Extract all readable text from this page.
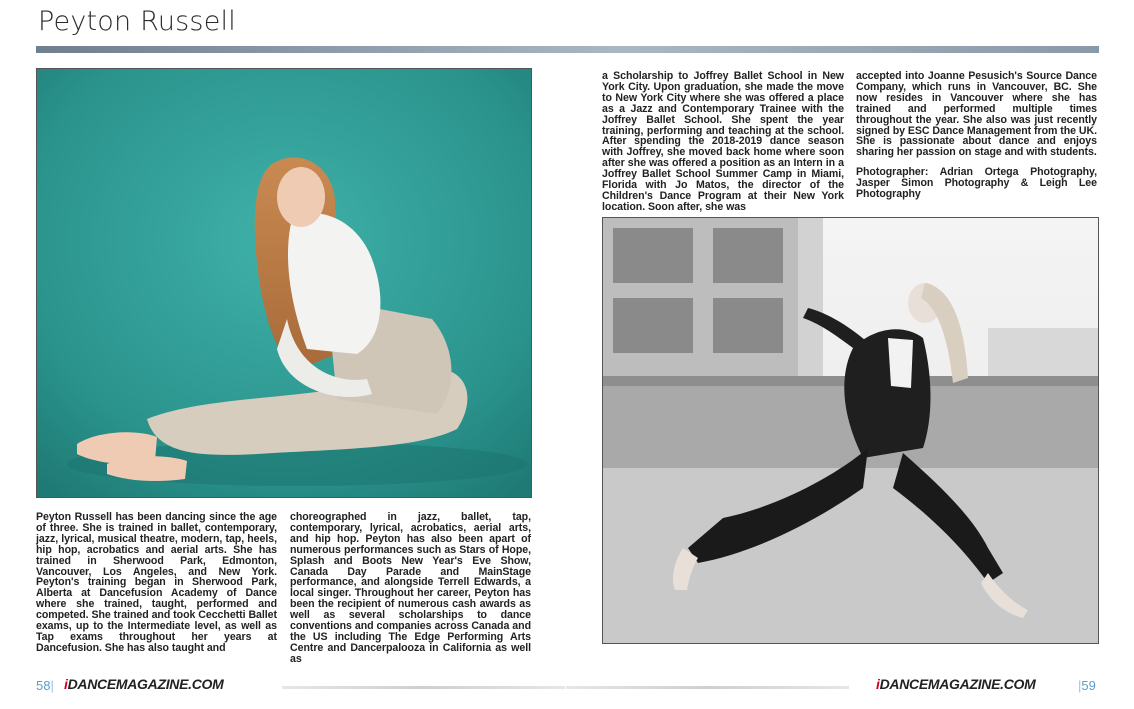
Peyton Russell

Peyton Russell has been dancing since the age of three. She is trained in ballet, contemporary, jazz, lyrical, musical theatre, modern, tap, heels, hip hop, acrobatics and aerial arts. She has trained in Sherwood Park, Edmonton, Vancouver, Los Angeles, and New York. Peyton's training began in Sherwood Park, Alberta at Dancefusion Academy of Dance where she trained, taught, performed and competed. She trained and took Cecchetti Ballet exams, up to the Intermediate level, as well as Tap exams throughout her years at Dancefusion. She has also taught and

choreographed in jazz, ballet, tap, contemporary, lyrical, acrobatics, aerial arts, and hip hop. Peyton has also been apart of numerous performances such as Stars of Hope, Splash and Boots New Year's Eve Show, Canada Day Parade and MainStage performance, and alongside Terrell Edwards, a local singer. Throughout her career, Peyton has been the recipient of numerous cash awards as well as several scholarships to dance conventions and companies across Canada and the US including The Edge Performing Arts Centre and Dancerpalooza in California as well as

a Scholarship to Joffrey Ballet School in New York City. Upon graduation, she made the move to New York City where she was offered a place as a Jazz and Contemporary Trainee with the Joffrey Ballet School. She spent the year training, performing and teaching at the school. After spending the 2018-2019 dance season with Joffrey, she moved back home where soon after she was offered a position as an Intern in a Joffrey Ballet School Summer Camp in Miami, Florida with Jo Matos, the director of the Children's Dance Program at their New York location. Soon after, she was

accepted into Joanne Pesusich's Source Dance Company, which runs in Vancouver, BC. She now resides in Vancouver where she has trained and performed multiple times throughout the year. She also was just recently signed by ESC Dance Management from the UK. She is passionate about dance and enjoys sharing her passion on stage and with students.

Photographer: Adrian Ortega Photography, Jasper Simon Photography & Leigh Lee Photography

58| iDANCEMAGAZINE.COM	iDANCEMAGAZINE.COM	|59
